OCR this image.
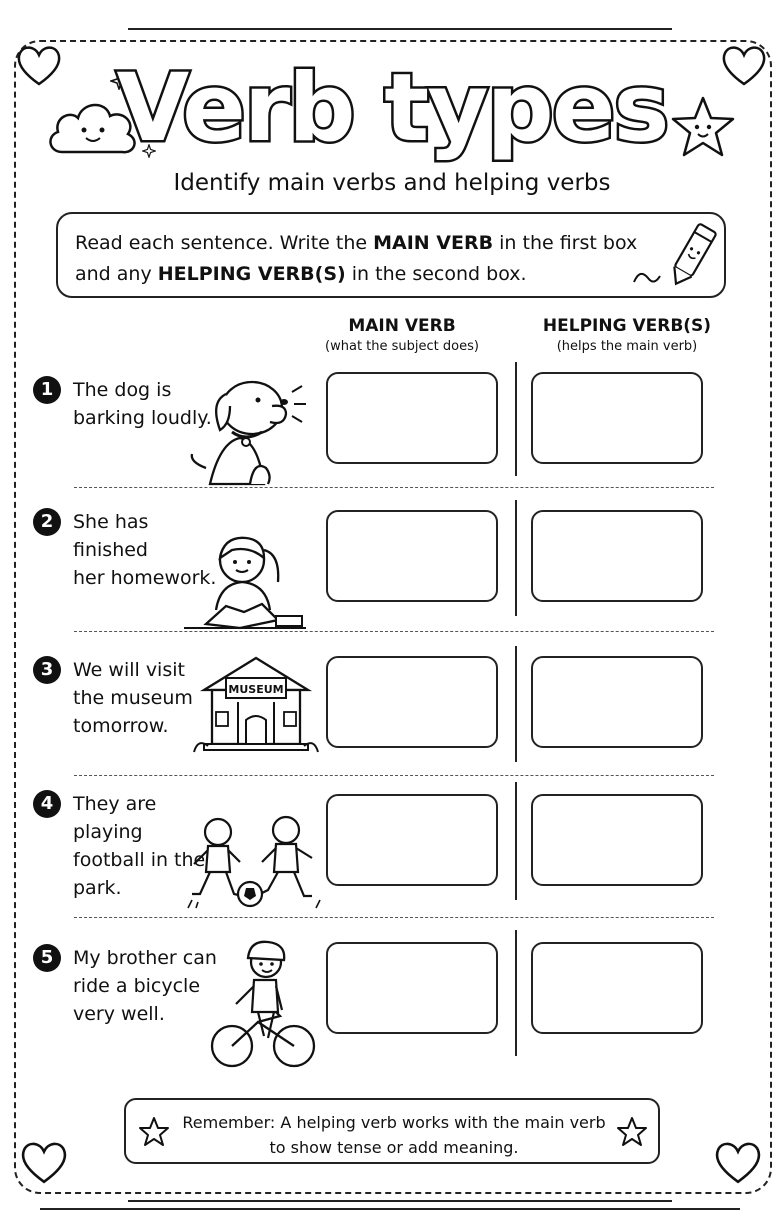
Verb types
Identify main verbs and helping verbs
Read each sentence. Write the MAIN VERB in the first box
and any HELPING VERB(S) in the second box.
MAIN VERB
(what the subject does)
HELPING VERB(S)
(helps the main verb)
1	The dog is
barking loudly.
2	She has finished
her homework.
3	We will visit
the museum
tomorrow.
MUSEUM
4	They are playing
football in the
park.
5	My brother can
ride a bicycle
very well.
Remember: A helping verb works with the main verb
to show tense or add meaning.
